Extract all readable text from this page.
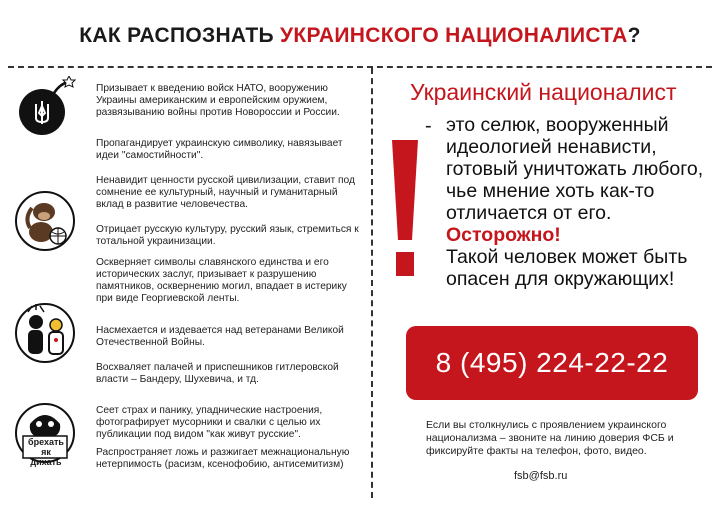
КАК РАСПОЗНАТЬ УКРАИНСКОГО НАЦИОНАЛИСТА?
брехать як дихать
Призывает к введению войск НАТО, вооружению Украины американским и европейским оружием, развязыванию войны против Новороссии и России.
Пропагандирует украинскую символику, навязывает идеи "самостийности".
Ненавидит ценности русской цивилизации, ставит под сомнение ее культурный, научный и гуманитарный вклад в развитие человечества.
Отрицает русскую культуру, русский язык, стремиться к тотальной украинизации.
Оскверняет символы славянского единства и его исторических заслуг, призывает к разрушению памятников, осквернению могил, впадает в истерику при виде Георгиевской ленты.
Насмехается и издевается над ветеранами Великой Отечественной Войны.
Восхваляет палачей и приспешников гитлеровской власти – Бандеру, Шухевича, и тд.
Сеет страх и панику, упаднические настроения, фотографирует мусорники и свалки с целью их публикации под видом "как живут русские".
Распространяет ложь и разжигает межнациональную нетерпимость (расизм, ксенофобию, антисемитизм)
Украинский националист
- это селюк, вооруженный идеологией ненависти, готовый уничтожать любого, чье мнение хоть как-то отличается от его.
Осторожно!
Такой человек может быть опасен для окружающих!
8 (495) 224-22-22
Если вы столкнулись с проявлением украинского национализма – звоните на линию доверия ФСБ и фиксируйте факты на телефон, фото, видео.
fsb@fsb.ru
